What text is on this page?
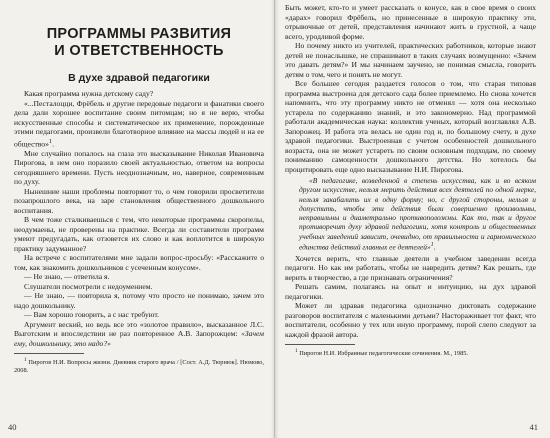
ПРОГРАММЫ РАЗВИТИЯ
И ОТВЕТСТВЕННОСТЬ
В духе здравой педагогики

Какая программа нужна детскому саду?

«...Песталоцци, Фрёбель и другие передовые педагоги и фанатики своего дела дали хорошее воспитание своим питомцам; но я не верю, чтобы искусственные способы и систематическое их применение, порожденные этими педагогами, произвели благотворное влияние на массы людей и на ее общество»$^1$.

Мне случайно попалось на глаза это высказывание Николая Ивановича Пирогова, в нем оно поразило своей актуальностью, ответом на вопросы сегодняшнего времени. Пусть неоднозначным, но, наверное, современным по духу.

Нынешние наши проблемы повторяют то, о чем говорили просветители позапрошлого века, на заре становления общественного дошкольного воспитания.

В чем тоже сталкиваешься с тем, что некоторые программы скоропелы, неодумаены, не проверены на практике. Всегда ли составители программ умеют предугадать, как отзовется их слово и как воплотится в широкую практику задуманное?

На встрече с воспитателями мне задали вопрос-просьбу: «Расскажите о том, как знакомить дошкольников с усеченным конусом».

— Не знаю, — ответила я.

Слушатели посмотрели с недоумением.

— Не знаю, — повторила я, потому что просто не понимаю, зачем это надо дошкольнику.

— Вам хорошо говорить, а с нас требуют.

Аргумент веский, но ведь все это «золотое правило», высказанное Л.С. Выготским и впоследствии не раз повторенное А.В. Запорожцем: «Зачем ему, дошкольнику, это надо?»

$^1$ Пирогов Н.И. Вопросы жизни. Дневник старого врача / [Сост. А.Д. Тюрнюк]. Нюмово, 2008.

40

Быть может, кто-то и умеет рассказать о конусе, как в свое время о своих «дарах» говорил Фрёбель, но принесенные в широкую практику эти, отрывочные от детей, представления начинают жить в грустной, а чаще всего, уродливой форме.

Но почему никто из учителей, практических работников, которые знают детей не понаслышке, не спрашивают в таких случаях возмущенно: «Зачем это давать детям?» И мы начинаем заучено, не понимая смысла, говорить детям о том, чего и понять не могут.

Все большее сегодня раздается голосов о том, что старая типовая программа выстроена для детского сада более приемлемо. Но снова хочется напомнить, что эту программу никто не отменял — хотя она несколько устарела по содержанию знаний, и это закономерно. Над программой работали академическая наука: коллектив ученых, который возглавлял А.В. Запорожец. И работа эта велась не один год и, по большому счету, в духе здравой педагогики. Выстроенная с учетом особенностей дошкольного возраста, она не может устареть по своим основным подходам, по своему пониманию самоценности дошкольного детства. Но хотелось бы процитировать еще одно высказывание Н.И. Пирогова.

«В педагогике, возведенной в степень искусства, как и во всяком другом искусстве, нельзя мерить действия всех деятелей по одной мерке, нельзя закабалить их в одну форму; но, с другой стороны, нельзя и допустить, чтобы эти действия были совершенно произвольны, неправильны и диаметрально противоположны. Как то, так и другое противоречит духу здравой педагогики, хотя контроль и общественных учебных заведений зависит, очевидно, от правильности и гармонического единства действий главных ее деятелей»$^1$.

Хочется верить, что главные деятели в учебном заведении всегда педагоги. Но как им работать, чтобы не навредить детям? Как решать, где верить в творчество, а где признавать ограничения?

Решать самим, полагаясь на опыт и интуицию, на дух здравой педагогики.

Может ли здравая педагогика однозначно диктовать содержание разговоров воспитателя с маленькими детьми? Настораживает тот факт, что воспитатели, особенно у тех или иную программу, порой слепо следуют за каждой фразой автора.

$^1$ Пирогов Н.И. Избранные педагогические сочинения. М., 1985.

41
